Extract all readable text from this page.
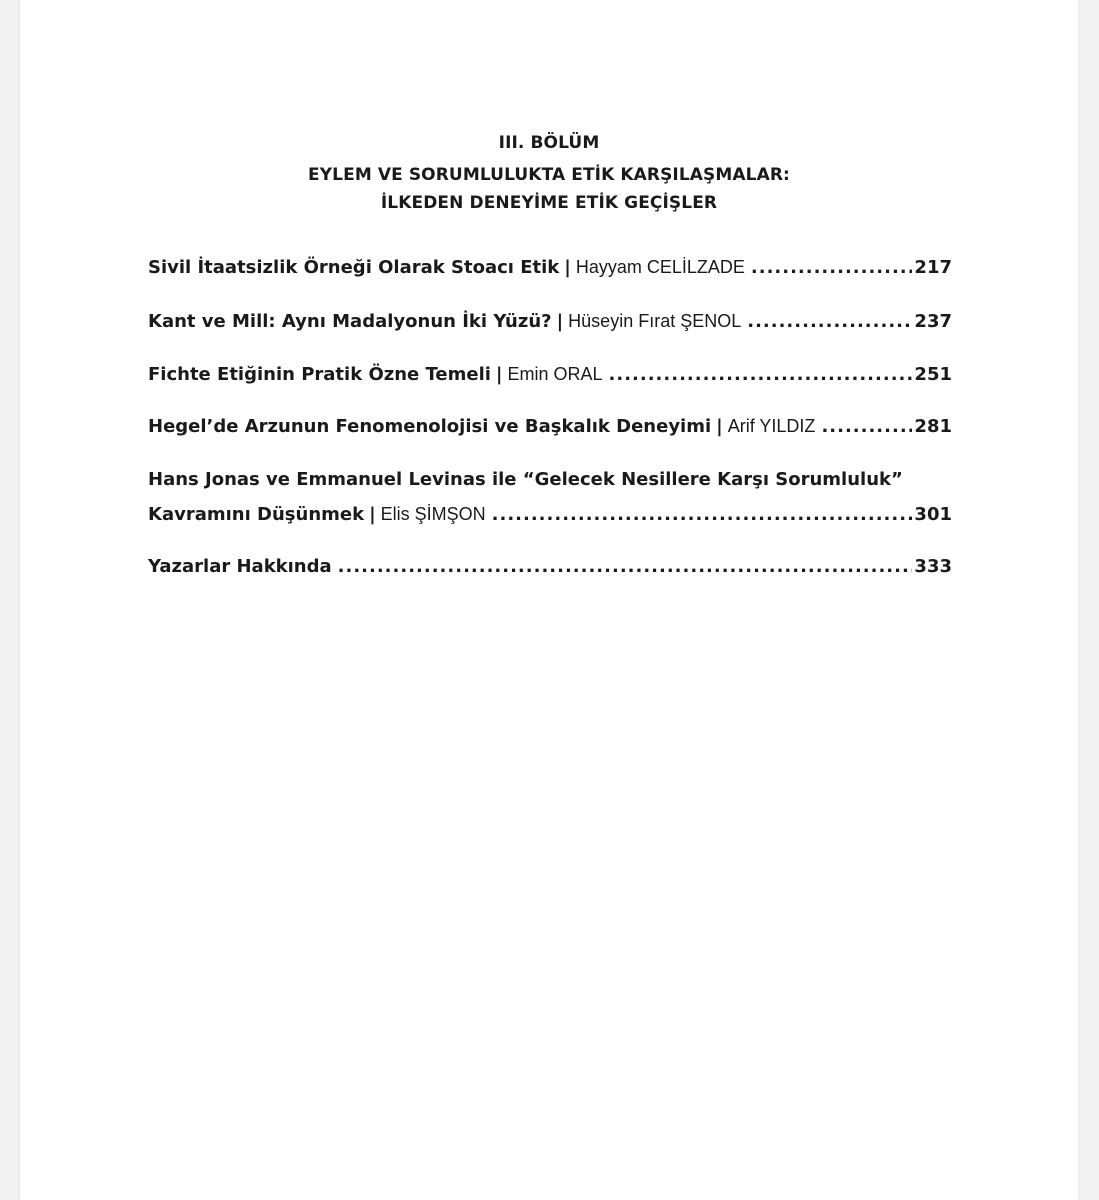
III. BÖLÜM
EYLEM VE SORUMLULUKTA ETİK KARŞILAŞMALAR:
İLKEDEN DENEYİME ETİK GEÇİŞLER
Sivil İtaatsizlik Örneği Olarak Stoacı Etik | Hayyam CELİLZADE .....	217
Kant ve Mill: Aynı Madalyonun İki Yüzü? | Hüseyin Fırat ŞENOL .....	237
Fichte Etiğinin Pratik Özne Temeli | Emin ORAL .....	251
Hegel’de Arzunun Fenomenolojisi ve Başkalık Deneyimi | Arif YILDIZ .....	281
Hans Jonas ve Emmanuel Levinas ile “Gelecek Nesillere Karşı Sorumluluk”
Kavramını Düşünmek | Elis ŞİMŞON .....	301
Yazarlar Hakkında .....	333
